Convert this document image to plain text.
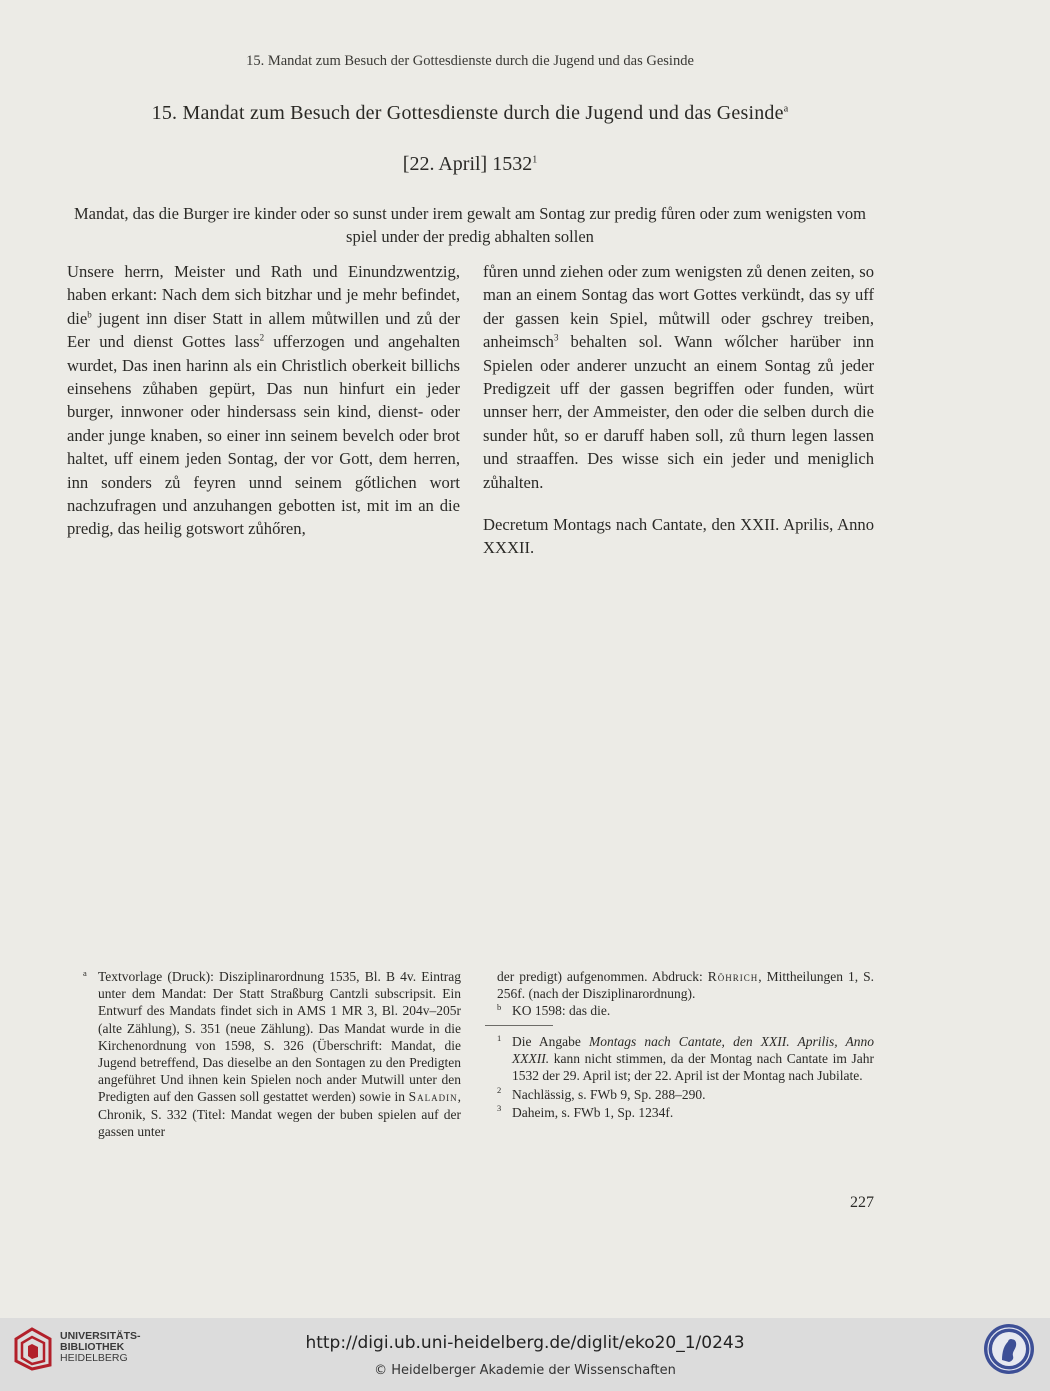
15. Mandat zum Besuch der Gottesdienste durch die Jugend und das Gesinde
15. Mandat zum Besuch der Gottesdienste durch die Jugend und das Gesinde$^a$
[22. April] 1532$^1$
Mandat, das die Burger ire kinder oder so sunst under irem gewalt am Sontag zur predig fůren oder zum wenigsten vom spiel under der predig abhalten sollen

Unsere herrn, Meister und Rath und Einundzwentzig, haben erkant: Nach dem sich bitzhar und je mehr befindet, die$^b$ jugent inn diser Statt in allem můtwillen und zů der Eer und dienst Gottes lass$^2$ ufferzogen und angehalten wurdet, Das inen harinn als ein Christlich oberkeit billichs einsehens zůhaben gepürt, Das nun hinfurt ein jeder burger, innwoner oder hindersass sein kind, dienst- oder ander junge knaben, so einer inn seinem bevelch oder brot haltet, uff einem jeden Sontag, der vor Gott, dem herren, inn sonders zů feyren unnd seinem gőtlichen wort nachzufragen und anzuhangen gebotten ist, mit im an die predig, das heilig gotswort zůhőren,

fůren unnd ziehen oder zum wenigsten zů denen zeiten, so man an einem Sontag das wort Gottes verkündt, das sy uff der gassen kein Spiel, můtwill oder gschrey treiben, anheimsch$^3$ behalten sol. Wann wőlcher harüber inn Spielen oder anderer unzucht an einem Sontag zů jeder Predigzeit uff der gassen begriffen oder funden, würt unnser herr, der Ammeister, den oder die selben durch die sunder hůt, so er daruff haben soll, zů thurn legen lassen und straaffen. Des wisse sich ein jeder und meniglich zůhalten.

Decretum Montags nach Cantate, den XXII. Aprilis, Anno XXXII.

a Textvorlage (Druck): Disziplinarordnung 1535, Bl. B 4v. Eintrag unter dem Mandat: Der Statt Straßburg Cantzli subscripsit. Ein Entwurf des Mandats findet sich in AMS 1 MR 3, Bl. 204v–205r (alte Zählung), S. 351 (neue Zählung). Das Mandat wurde in die Kirchenordnung von 1598, S. 326 (Überschrift: Mandat, die Jugend betreffend, Das dieselbe an den Sontagen zu den Predigten angeführet Und ihnen kein Spielen noch ander Mutwill unter den Predigten auf den Gassen soll gestattet werden) sowie in Saladin, Chronik, S. 332 (Titel: Mandat wegen der buben spielen auf der gassen unter

der predigt) aufgenommen. Abdruck: Röhrich, Mittheilungen 1, S. 256f. (nach der Disziplinarordnung).

b KO 1598: das die.

1 Die Angabe Montags nach Cantate, den XXII. Aprilis, Anno XXXII. kann nicht stimmen, da der Montag nach Cantate im Jahr 1532 der 29. April ist; der 22. April ist der Montag nach Jubilate.

2 Nachlässig, s. FWb 9, Sp. 288–290.

3 Daheim, s. FWb 1, Sp. 1234f.

227
UNIVERSITÄTS-
BIBLIOTHEK
HEIDELBERG
http://digi.ub.uni-heidelberg.de/diglit/eko20_1/0243
© Heidelberger Akademie der Wissenschaften
